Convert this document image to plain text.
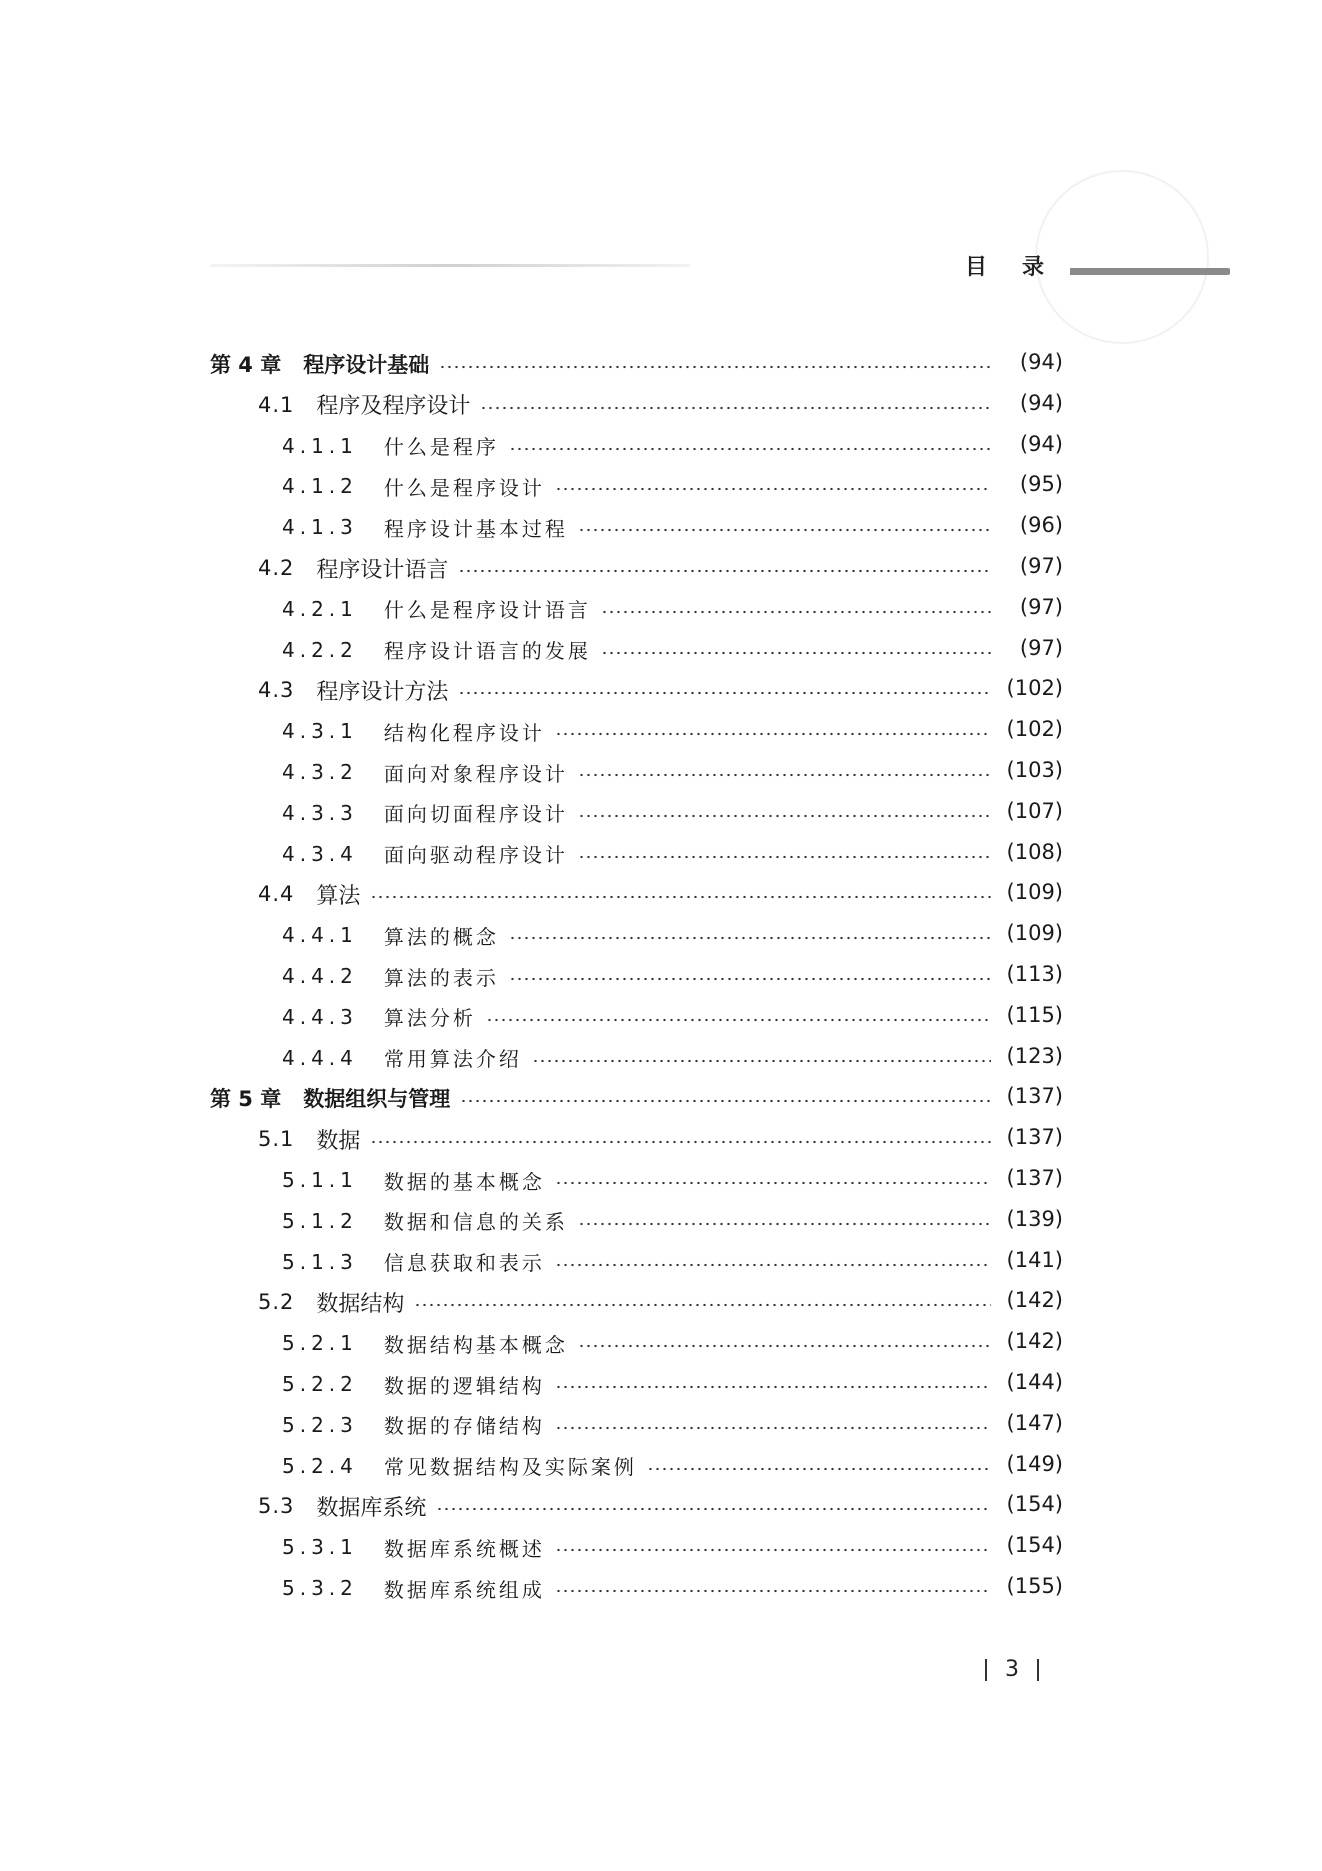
目 录
第 4 章 程序设计基础	(94)
4.1 程序及程序设计	(94)
4.1.1 什么是程序	(94)
4.1.2 什么是程序设计	(95)
4.1.3 程序设计基本过程	(96)
4.2 程序设计语言	(97)
4.2.1 什么是程序设计语言	(97)
4.2.2 程序设计语言的发展	(97)
4.3 程序设计方法	(102)
4.3.1 结构化程序设计	(102)
4.3.2 面向对象程序设计	(103)
4.3.3 面向切面程序设计	(107)
4.3.4 面向驱动程序设计	(108)
4.4 算法	(109)
4.4.1 算法的概念	(109)
4.4.2 算法的表示	(113)
4.4.3 算法分析	(115)
4.4.4 常用算法介绍	(123)
第 5 章 数据组织与管理	(137)
5.1 数据	(137)
5.1.1 数据的基本概念	(137)
5.1.2 数据和信息的关系	(139)
5.1.3 信息获取和表示	(141)
5.2 数据结构	(142)
5.2.1 数据结构基本概念	(142)
5.2.2 数据的逻辑结构	(144)
5.2.3 数据的存储结构	(147)
5.2.4 常见数据结构及实际案例	(149)
5.3 数据库系统	(154)
5.3.1 数据库系统概述	(154)
5.3.2 数据库系统组成	(155)
3
